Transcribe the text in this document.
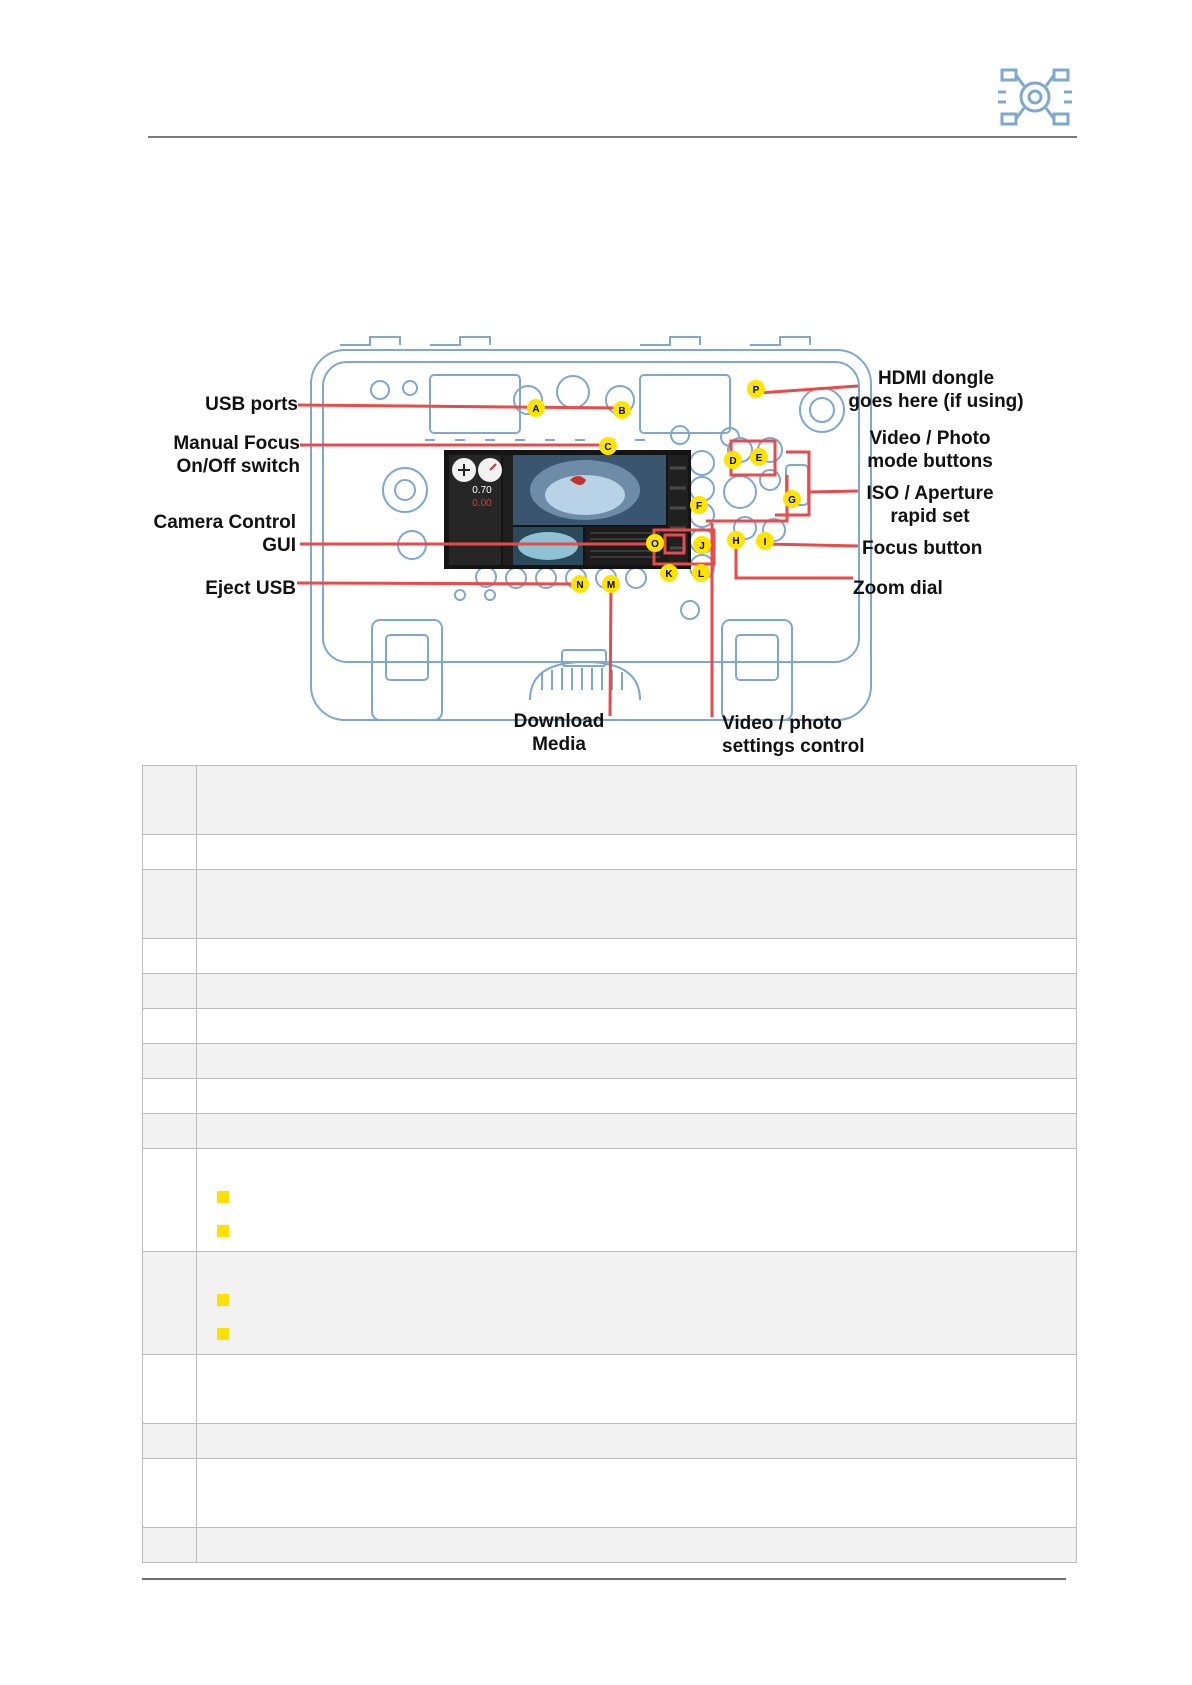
0.70
0.00
A	B
C
D E
F
G
H I
J
K	L
M
N
O
P
USB ports
Manual Focus
On/Off switch
Camera Control
GUI
Eject USB
Download
Media
Video / photo
settings control
HDMI dongle
goes here (if using)
Video / Photo
mode buttons
ISO / Aperture
rapid set
Focus button
Zoom dial
